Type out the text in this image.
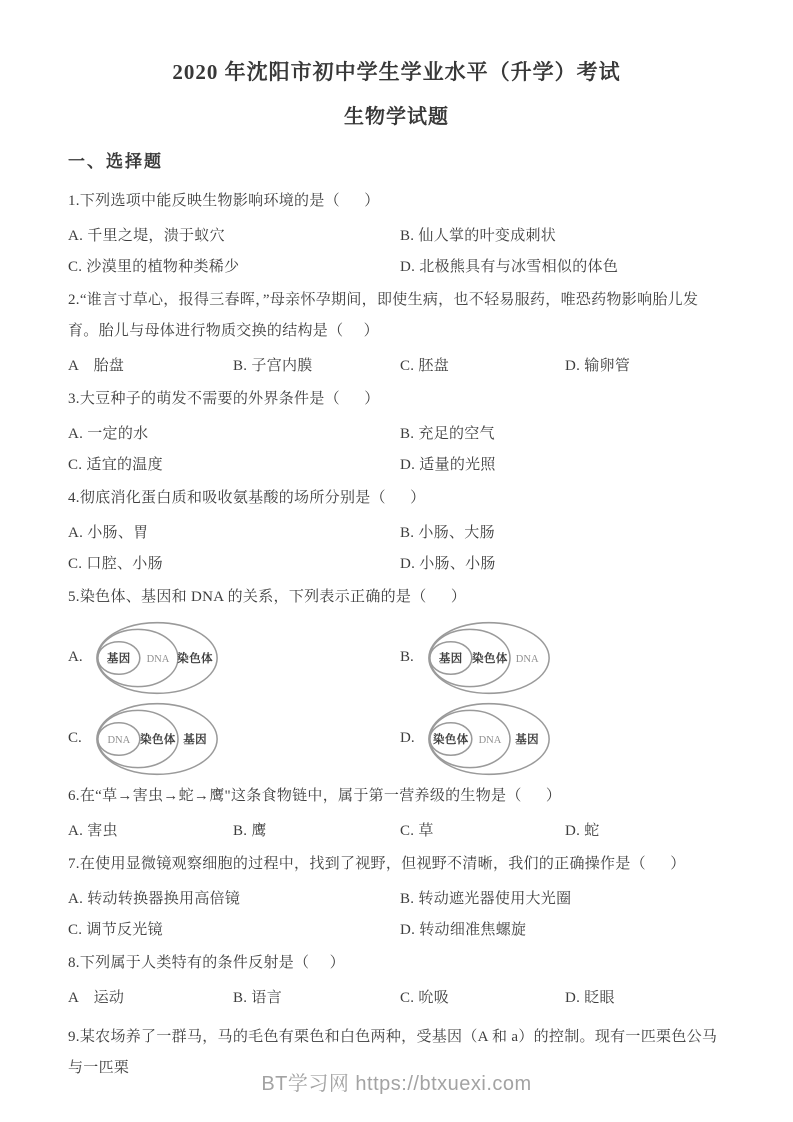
2020 年沈阳市初中学生学业水平（升学）考试
生物学试题
一、选择题
1.下列选项中能反映生物影响环境的是（      ）
A. 千里之堤，溃于蚁穴	B. 仙人掌的叶变成刺状
C. 沙漠里的植物种类稀少	D. 北极熊具有与冰雪相似的体色
2.“谁言寸草心，报得三春晖，”母亲怀孕期间，即使生病，也不轻易服药，唯恐药物影响胎儿发育。胎儿与母体进行物质交换的结构是（     ）
A　胎盘	B. 子宫内膜	C. 胚盘	D. 输卵管
3.大豆种子的萌发不需要的外界条件是（      ）
A. 一定的水	B. 充足的空气
C. 适宜的温度	D. 适量的光照
4.彻底消化蛋白质和吸收氨基酸的场所分别是（      ）
A. 小肠、胃	B. 小肠、大肠
C. 口腔、小肠	D. 小肠、小肠
5.染色体、基因和 DNA 的关系，下列表示正确的是（      ）
A.	基因 DNA 染色体	B.	基因 染色体 DNA
C.	DNA 染色体 基因	D.	染色体 DNA 基因
6.在“草→害虫→蛇→鹰"这条食物链中，属于第一营养级的生物是（      ）
A. 害虫	B. 鹰	C. 草	D. 蛇
7.在使用显微镜观察细胞的过程中，找到了视野，但视野不清晰，我们的正确操作是（      ）
A. 转动转换器换用高倍镜	B. 转动遮光器使用大光圈
C. 调节反光镜	D. 转动细准焦螺旋
8.下列属于人类特有的条件反射是（     ）
A　运动	B. 语言	C. 吮吸	D. 眨眼
9.某农场养了一群马，马的毛色有栗色和白色两种，受基因（A 和 a）的控制。现有一匹栗色公马与一匹栗
BT学习网 https://btxuexi.com
